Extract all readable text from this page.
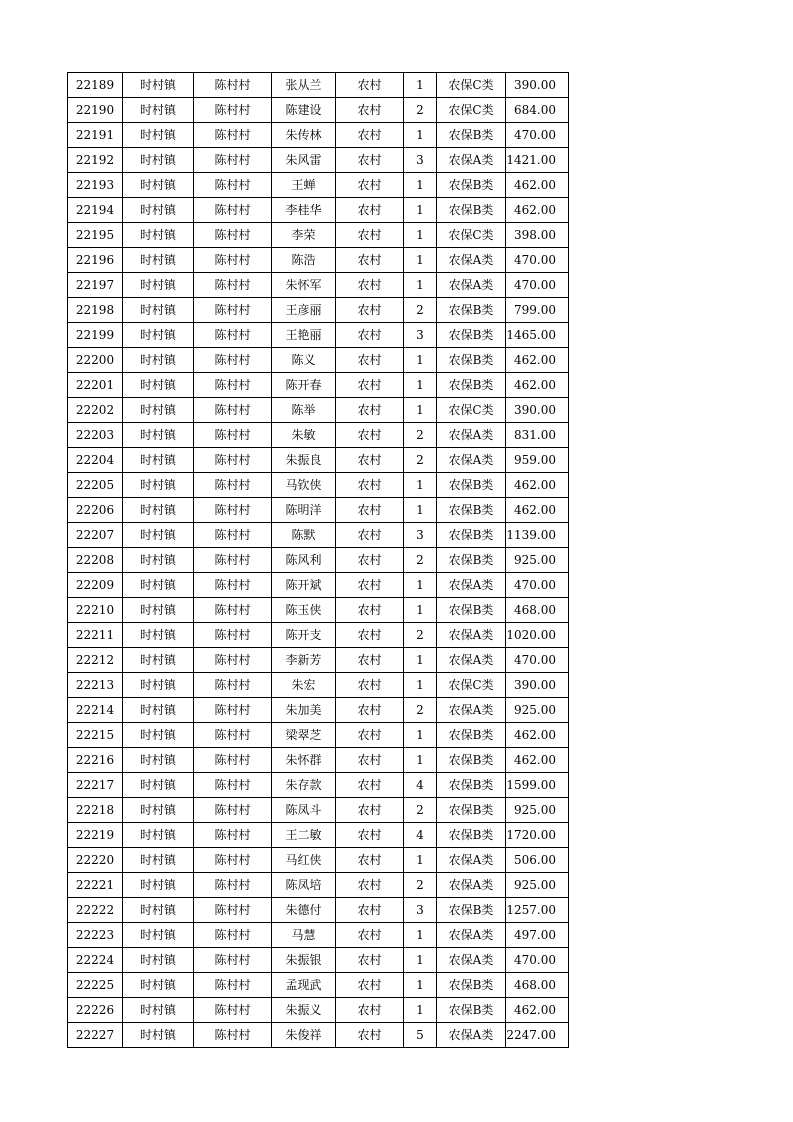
22189	时村镇	陈村村	张从兰	农村	1	农保C类	390.00
22190	时村镇	陈村村	陈建设	农村	2	农保C类	684.00
22191	时村镇	陈村村	朱传林	农村	1	农保B类	470.00
22192	时村镇	陈村村	朱风雷	农村	3	农保A类	1421.00
22193	时村镇	陈村村	王蝉	农村	1	农保B类	462.00
22194	时村镇	陈村村	李桂华	农村	1	农保B类	462.00
22195	时村镇	陈村村	李荣	农村	1	农保C类	398.00
22196	时村镇	陈村村	陈浩	农村	1	农保A类	470.00
22197	时村镇	陈村村	朱怀军	农村	1	农保A类	470.00
22198	时村镇	陈村村	王彦丽	农村	2	农保B类	799.00
22199	时村镇	陈村村	王艳丽	农村	3	农保B类	1465.00
22200	时村镇	陈村村	陈义	农村	1	农保B类	462.00
22201	时村镇	陈村村	陈开春	农村	1	农保B类	462.00
22202	时村镇	陈村村	陈举	农村	1	农保C类	390.00
22203	时村镇	陈村村	朱敏	农村	2	农保A类	831.00
22204	时村镇	陈村村	朱振良	农村	2	农保A类	959.00
22205	时村镇	陈村村	马钦侠	农村	1	农保B类	462.00
22206	时村镇	陈村村	陈明洋	农村	1	农保B类	462.00
22207	时村镇	陈村村	陈默	农村	3	农保B类	1139.00
22208	时村镇	陈村村	陈风利	农村	2	农保B类	925.00
22209	时村镇	陈村村	陈开斌	农村	1	农保A类	470.00
22210	时村镇	陈村村	陈玉侠	农村	1	农保B类	468.00
22211	时村镇	陈村村	陈开支	农村	2	农保A类	1020.00
22212	时村镇	陈村村	李新芳	农村	1	农保A类	470.00
22213	时村镇	陈村村	朱宏	农村	1	农保C类	390.00
22214	时村镇	陈村村	朱加美	农村	2	农保A类	925.00
22215	时村镇	陈村村	梁翠芝	农村	1	农保B类	462.00
22216	时村镇	陈村村	朱怀群	农村	1	农保B类	462.00
22217	时村镇	陈村村	朱存款	农村	4	农保B类	1599.00
22218	时村镇	陈村村	陈凤斗	农村	2	农保B类	925.00
22219	时村镇	陈村村	王二敏	农村	4	农保B类	1720.00
22220	时村镇	陈村村	马红侠	农村	1	农保A类	506.00
22221	时村镇	陈村村	陈凤培	农村	2	农保A类	925.00
22222	时村镇	陈村村	朱德付	农村	3	农保B类	1257.00
22223	时村镇	陈村村	马慧	农村	1	农保A类	497.00
22224	时村镇	陈村村	朱振银	农村	1	农保A类	470.00
22225	时村镇	陈村村	孟现武	农村	1	农保B类	468.00
22226	时村镇	陈村村	朱振义	农村	1	农保B类	462.00
22227	时村镇	陈村村	朱俊祥	农村	5	农保A类	2247.00
